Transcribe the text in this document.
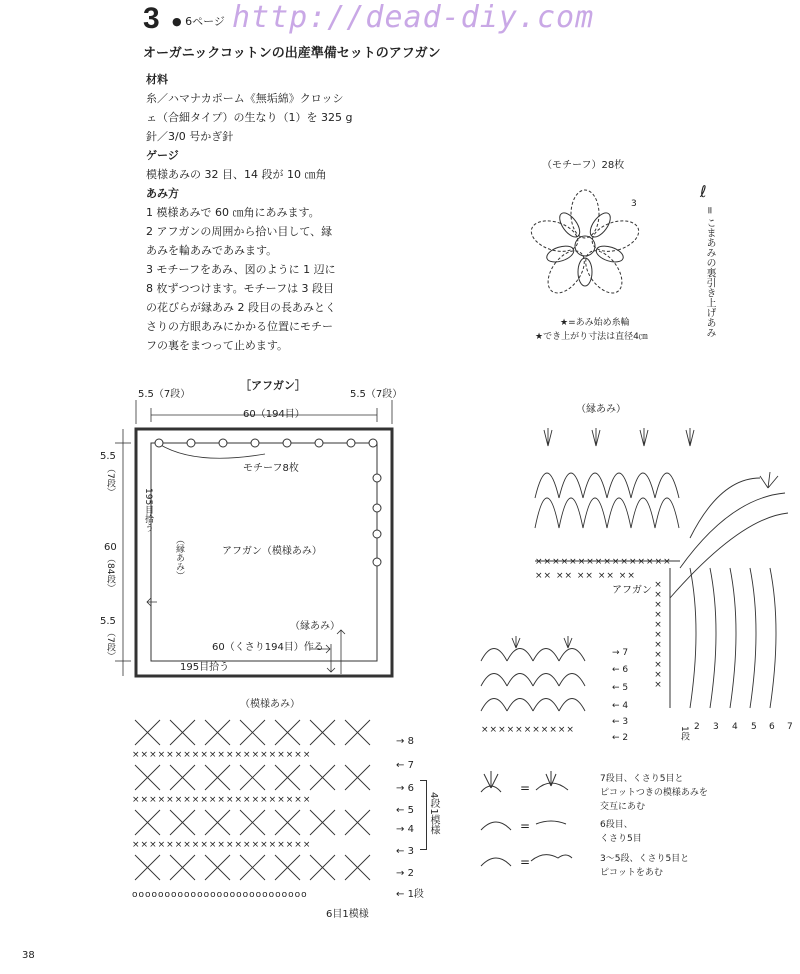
3 ● 6ページ http://dead-diy.com
オーガニックコットンの出産準備セットのアフガン
材料
糸／ハマナカポーム《無垢綿》クロッシ
ェ（合細タイプ）の生なり（1）を 325 g
針／3/0 号かぎ針
ゲージ
模様あみの 32 目、14 段が 10 ㎝角
あみ方
1 模様あみで 60 ㎝角にあみます。
2 アフガンの周囲から拾い目して、縁
あみを輪あみであみます。
3 モチーフをあみ、図のように 1 辺に
8 枚ずつつけます。モチーフは 3 段目
の花びらが縁あみ 2 段目の長あみとく
さりの方眼あみにかかる位置にモチー
フの裏をまつって止めます。
（モチーフ）28枚
3
★=あみ始め糸輪
★でき上がり寸法は直径4㎝
ℓ
= こまあみの裏引き上げあみ
［アフガン］
5.5（7段）	5.5（7段）
60（194目）
モチーフ8枚
195目拾う
（縁あみ）	アフガン（模様あみ）
（縁あみ）
60（くさり194目）作る
195目拾う
5.5
（7段）
60
（84段）
5.5
（7段）
（縁あみ）
××××××××××××××××
×× ×× ×× ×× ××
×××××××××××
アフガン
1段 2 3 4 5 6 7
×××××××××××
→ 7
← 6
← 5
← 4
← 3
← 2
（模様あみ）
×××××××××××××××××××××
×××××××××××××××××××××
×××××××××××××××××××××
ooooooooooooooooooooooooooo
→ 8
← 7
→ 6
← 5
→ 4
← 3
→ 2
← 1段
4段1模様
6目1模様
=
=
=
7段目、くさり5目と
ピコットつきの模様あみを
交互にあむ
6段目、
くさり5目
3～5段、くさり5目と
ピコットをあむ
38
